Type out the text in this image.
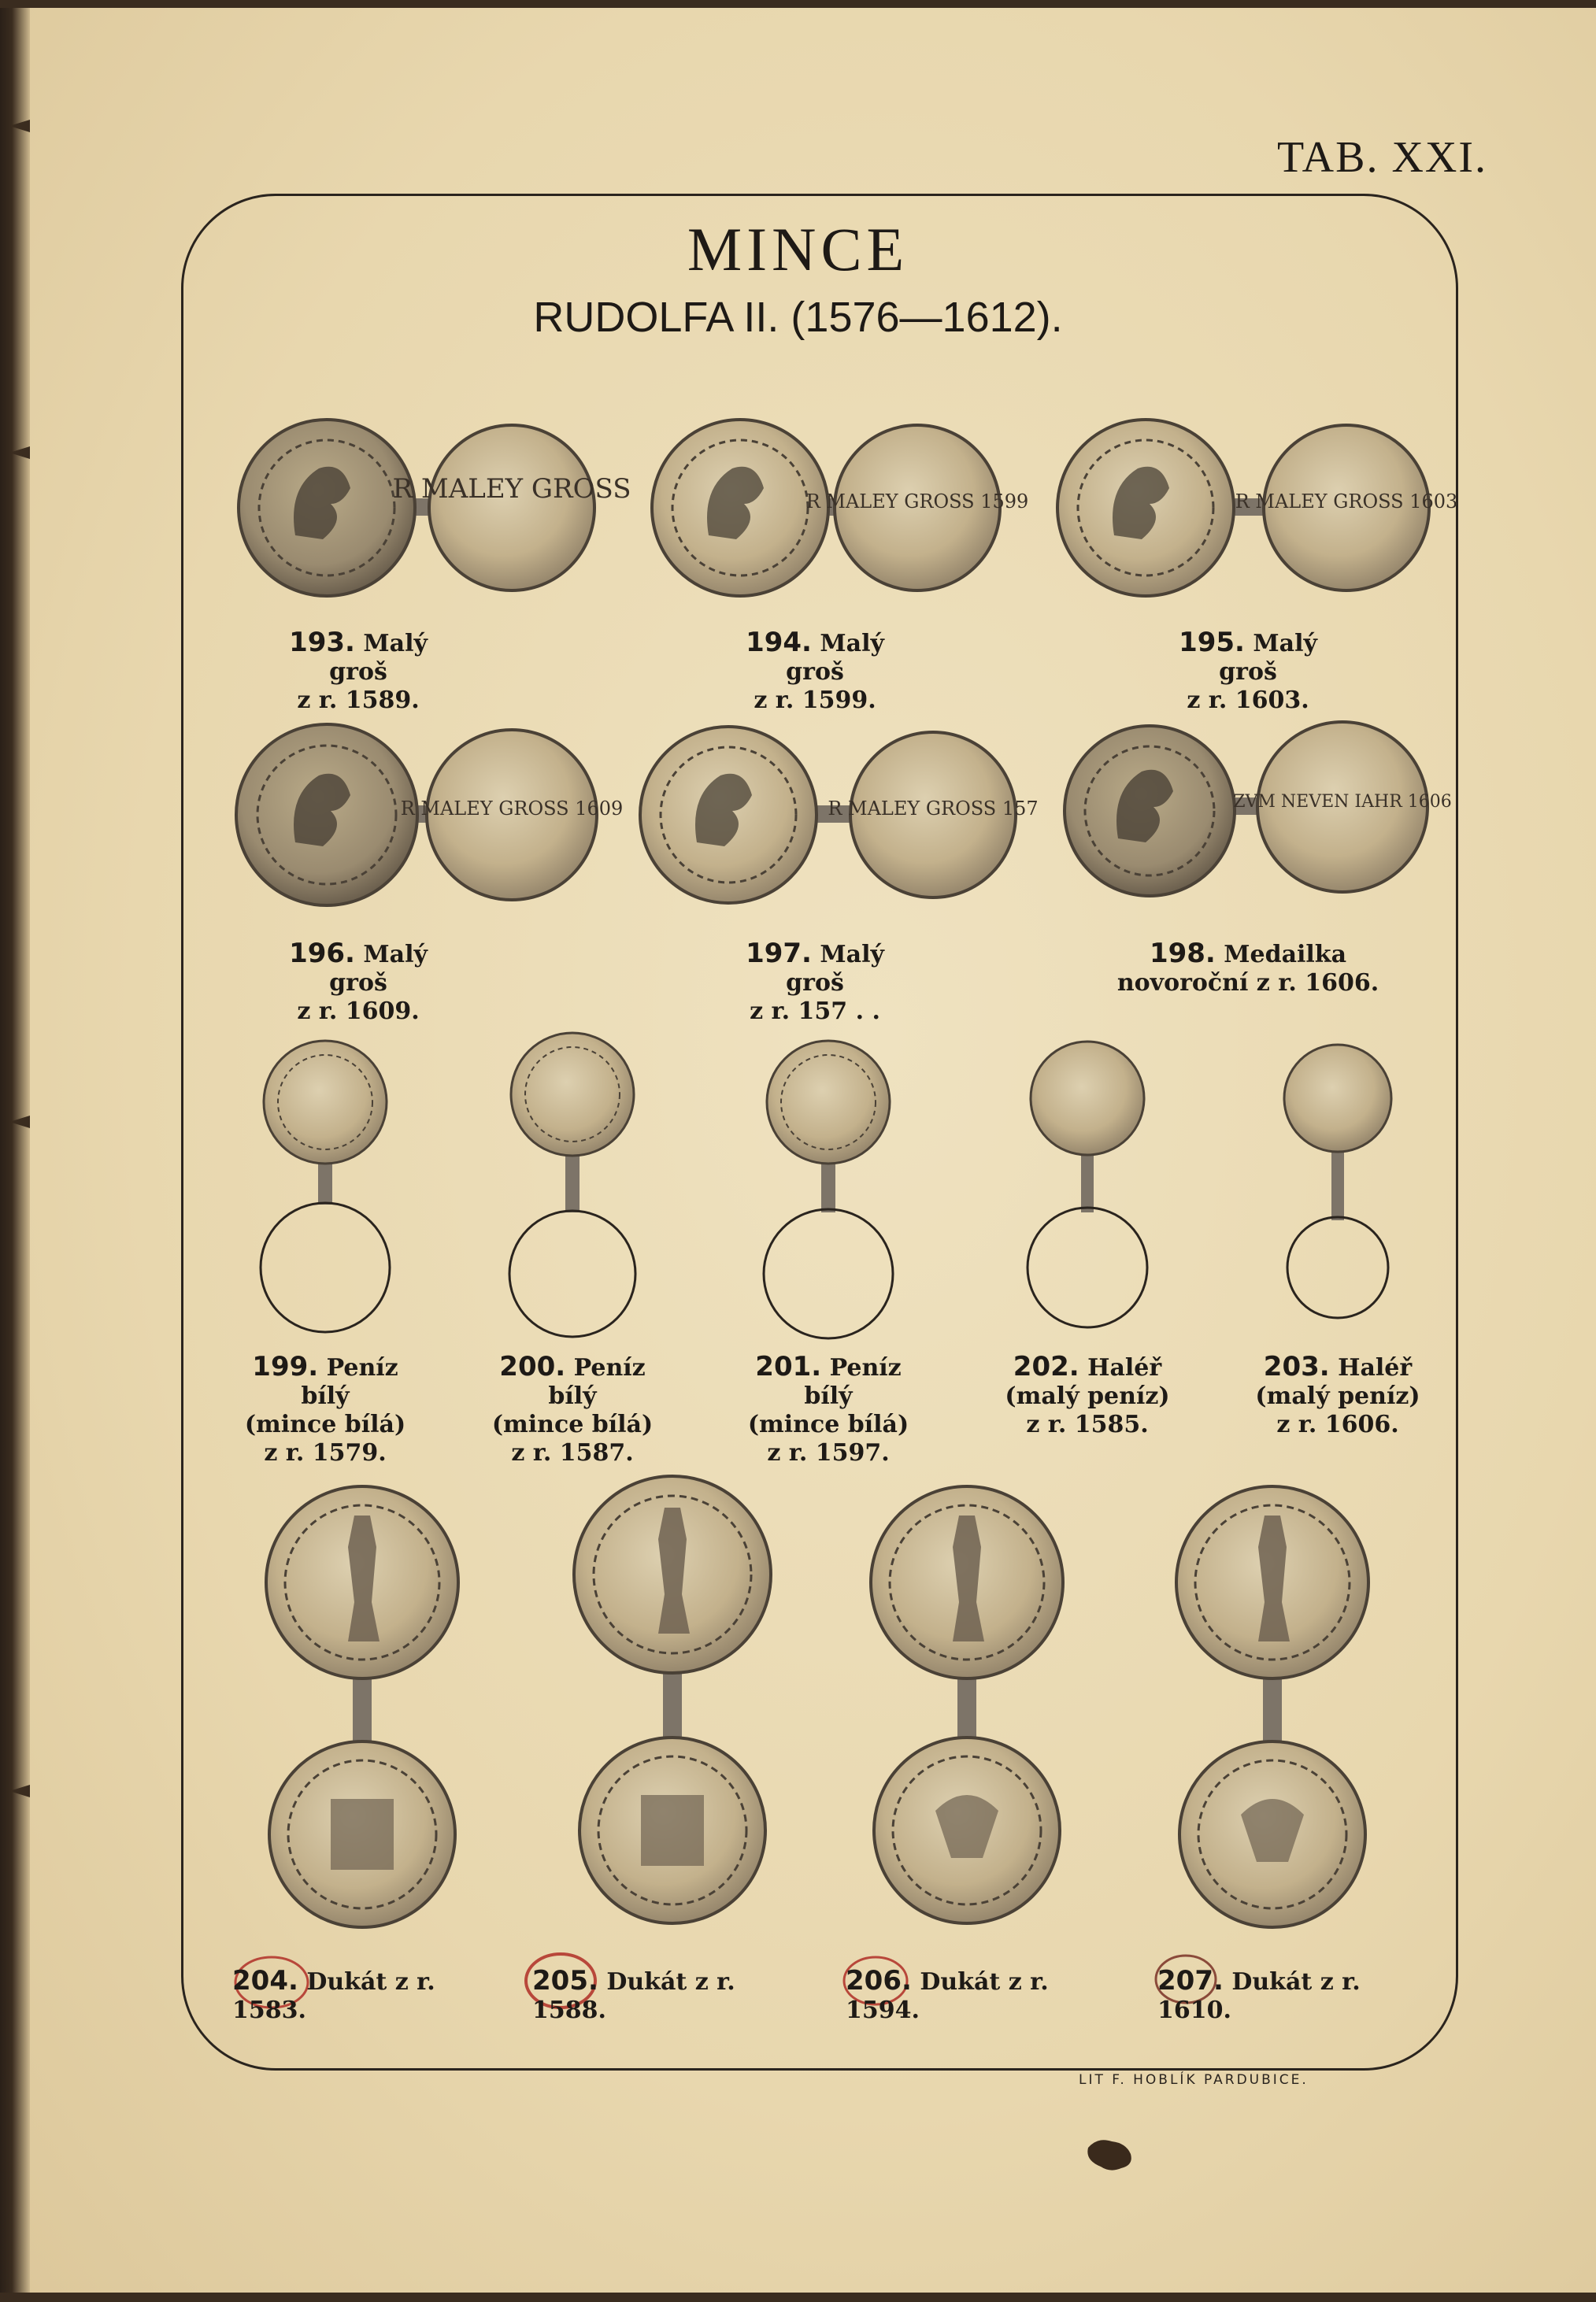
TAB. XXI.
MINCE
RUDOLFA II. (1576—1612).
R MALEY GROSS	R MALEY GROSS 1599	R MALEY GROSS 1603
R MALEY GROSS 1609	R MALEY GROSS 157	ZVM NEVEN IAHR 1606
193. Malý groš
z r. 1589.
194. Malý groš
z r. 1599.
195. Malý groš
z r. 1603.
196. Malý groš
z r. 1609.
197. Malý groš
z r. 157 . .
198. Medailka
novoroční z r. 1606.
199. Peníz bílý
(mince bílá)
z r. 1579.
200. Peníz bílý
(mince bílá)
z r. 1587.
201. Peníz bílý
(mince bílá)
z r. 1597.
202. Haléř
(malý peníz)
z r. 1585.
203. Haléř
(malý peníz)
z r. 1606.
204. Dukát z r. 1583.
205. Dukát z r. 1588.
206. Dukát z r. 1594.
207. Dukát z r. 1610.
LIT F. HOBLÍK PARDUBICE.
